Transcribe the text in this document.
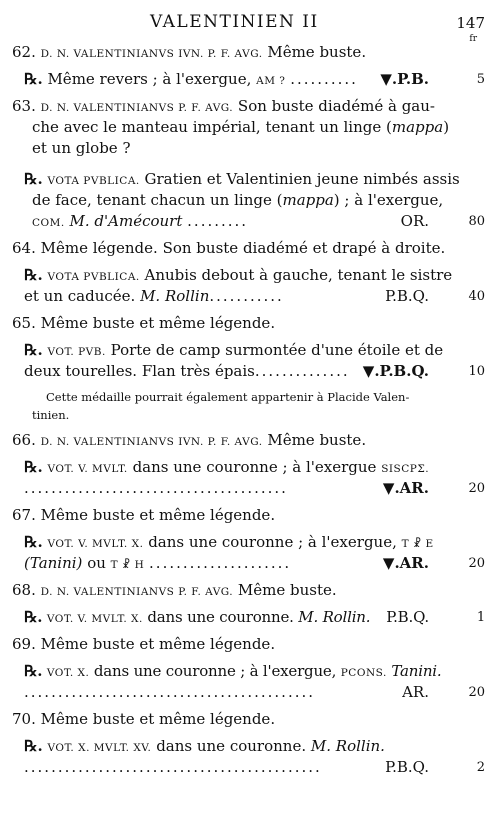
VALENTINIEN II	147
fr
62. D. N. VALENTINIANVS IVN. P. F. AVG. Même buste.
℞. Même revers ; à l'exergue, AM ? .......... ▼.P.B.	5
63. D. N. VALENTINIANVS P. F. AVG. Son buste diadémé à gau-
che avec le manteau impérial, tenant un linge (mappa)
et un globe ?
℞. VOTA PVBLICA. Gratien et Valentinien jeune nimbés assis
de face, tenant chacun un linge (mappa) ; à l'exergue,
COM. M. d'Amécourt .........	OR.	80
64. Même légende. Son buste diadémé et drapé à droite.
℞. VOTA PVBLICA. Anubis debout à gauche, tenant le sistre
et un caducée. M. Rollin...........	P.B.Q.	40
65. Même buste et même légende.
℞. VOT. PVB. Porte de camp surmontée d'une étoile et de
deux tourelles. Flan très épais.............. ▼.P.B.Q.	10
Cette médaille pourrait également appartenir à Placide Valen-
tinien.
66. D. N. VALENTINIANVS IVN. P. F. AVG. Même buste.
℞. VOT. V. MVLT. dans une couronne ; à l'exergue SISCPΣ.
.......................................	▼.AR.	20
67. Même buste et même légende.
℞. VOT. V. MVLT. X. dans une couronne ; à l'exergue, T ☧ E
(Tanini) ou T ☧ H .....................	▼.AR.	20
68. D. N. VALENTINIANVS P. F. AVG. Même buste.
℞. VOT. V. MVLT. X. dans une couronne. M. Rollin. P.B.Q.	1
69. Même buste et même légende.
℞. VOT. X. dans une couronne ; à l'exergue, PCONS. Tanini.
...........................................	AR.	20
70. Même buste et même légende.
℞. VOT. X. MVLT. XV. dans une couronne. M. Rollin.
............................................	P.B.Q.	2
